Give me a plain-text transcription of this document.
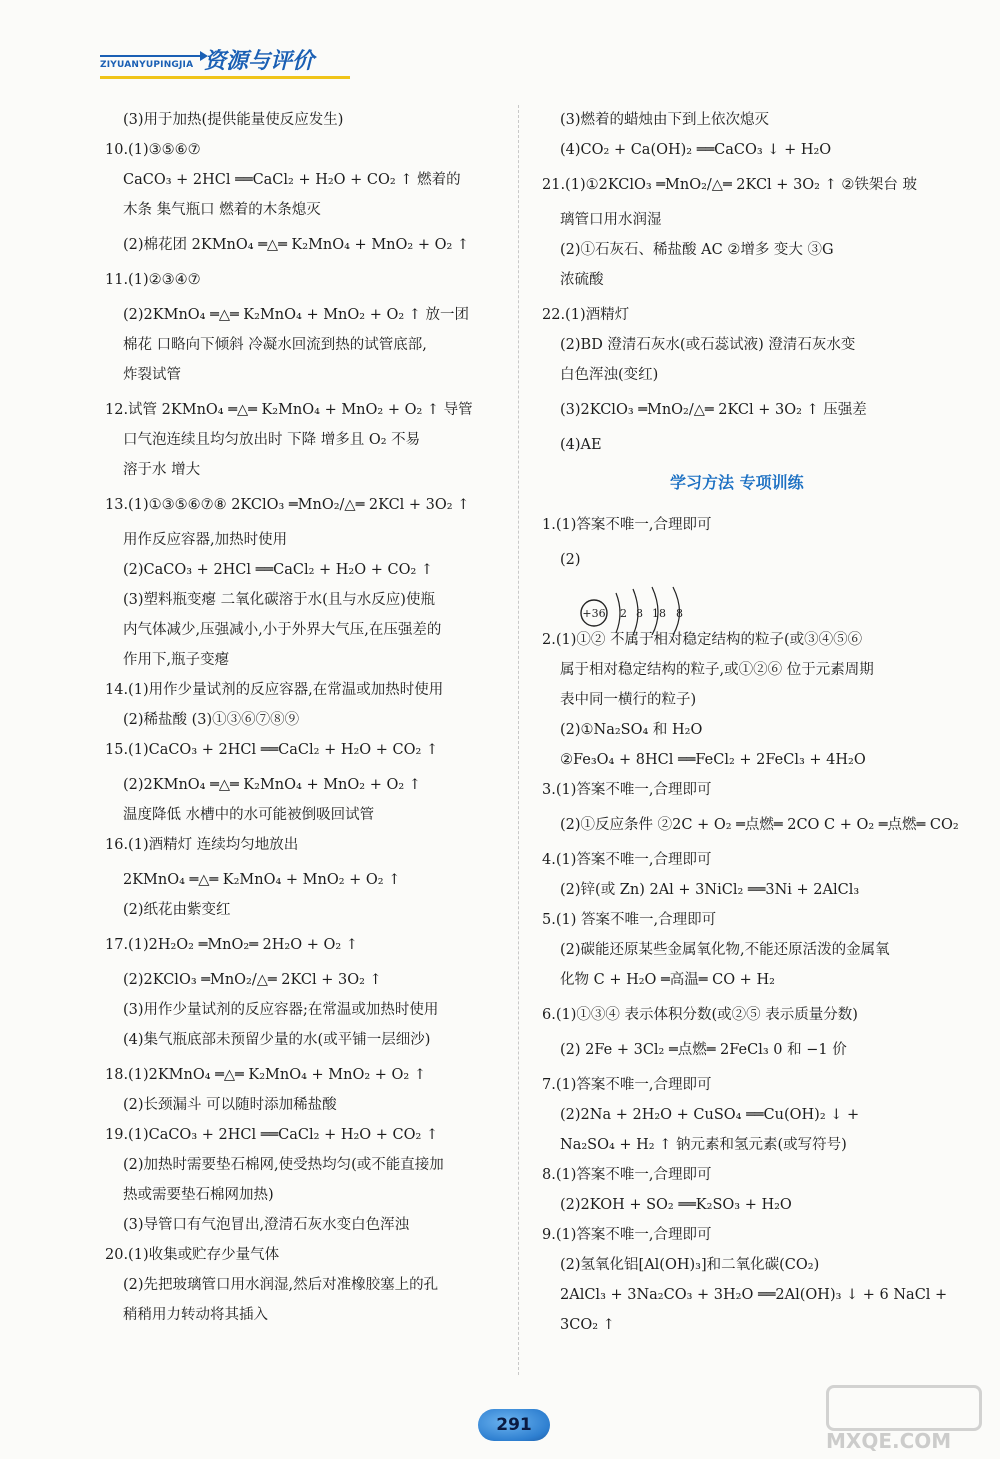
ZIYUANYUPINGJIA 资源与评价
(3)用于加热(提供能量使反应发生)
10.(1)③⑤⑥⑦
CaCO₃ + 2HCl ══CaCl₂ + H₂O + CO₂ ↑ 燃着的
木条 集气瓶口 燃着的木条熄灭
(2)棉花团 2KMnO₄ ═△═ K₂MnO₄ + MnO₂ + O₂ ↑
11.(1)②③④⑦
(2)2KMnO₄ ═△═ K₂MnO₄ + MnO₂ + O₂ ↑ 放一团
棉花 口略向下倾斜 冷凝水回流到热的试管底部,
炸裂试管
12.试管 2KMnO₄ ═△═ K₂MnO₄ + MnO₂ + O₂ ↑ 导管
口气泡连续且均匀放出时 下降 增多且 O₂ 不易
溶于水 增大
13.(1)①③⑤⑥⑦⑧ 2KClO₃ ═MnO₂/△═ 2KCl + 3O₂ ↑
用作反应容器,加热时使用
(2)CaCO₃ + 2HCl ══CaCl₂ + H₂O + CO₂ ↑
(3)塑料瓶变瘪 二氧化碳溶于水(且与水反应)使瓶
内气体减少,压强减小,小于外界大气压,在压强差的
作用下,瓶子变瘪
14.(1)用作少量试剂的反应容器,在常温或加热时使用
(2)稀盐酸 (3)①③⑥⑦⑧⑨
15.(1)CaCO₃ + 2HCl ══CaCl₂ + H₂O + CO₂ ↑
(2)2KMnO₄ ═△═ K₂MnO₄ + MnO₂ + O₂ ↑
温度降低 水槽中的水可能被倒吸回试管
16.(1)酒精灯 连续均匀地放出
2KMnO₄ ═△═ K₂MnO₄ + MnO₂ + O₂ ↑
(2)纸花由紫变红
17.(1)2H₂O₂ ═MnO₂═ 2H₂O + O₂ ↑
(2)2KClO₃ ═MnO₂/△═ 2KCl + 3O₂ ↑
(3)用作少量试剂的反应容器;在常温或加热时使用
(4)集气瓶底部未预留少量的水(或平铺一层细沙)
18.(1)2KMnO₄ ═△═ K₂MnO₄ + MnO₂ + O₂ ↑
(2)长颈漏斗 可以随时添加稀盐酸
19.(1)CaCO₃ + 2HCl ══CaCl₂ + H₂O + CO₂ ↑
(2)加热时需要垫石棉网,使受热均匀(或不能直接加
热或需要垫石棉网加热)
(3)导管口有气泡冒出,澄清石灰水变白色浑浊
20.(1)收集或贮存少量气体
(2)先把玻璃管口用水润湿,然后对准橡胶塞上的孔
稍稍用力转动将其插入
(3)燃着的蜡烛由下到上依次熄灭
(4)CO₂ + Ca(OH)₂ ══CaCO₃ ↓ + H₂O
21.(1)①2KClO₃ ═MnO₂/△═ 2KCl + 3O₂ ↑ ②铁架台 玻
璃管口用水润湿
(2)①石灰石、稀盐酸 AC ②增多 变大 ③G
浓硫酸
22.(1)酒精灯
(2)BD 澄清石灰水(或石蕊试液) 澄清石灰水变
白色浑浊(变红)
(3)2KClO₃ ═MnO₂/△═ 2KCl + 3O₂ ↑ 压强差
(4)AE
学习方法 专项训练
1.(1)答案不唯一,合理即可
(2)
2.(1)①② 不属于相对稳定结构的粒子(或③④⑤⑥
属于相对稳定结构的粒子,或①②⑥ 位于元素周期
表中同一横行的粒子)
(2)①Na₂SO₄ 和 H₂O
②Fe₃O₄ + 8HCl ══FeCl₂ + 2FeCl₃ + 4H₂O
3.(1)答案不唯一,合理即可
(2)①反应条件 ②2C + O₂ ═点燃═ 2CO C + O₂ ═点燃═ CO₂
4.(1)答案不唯一,合理即可
(2)锌(或 Zn) 2Al + 3NiCl₂ ══3Ni + 2AlCl₃
5.(1) 答案不唯一,合理即可
(2)碳能还原某些金属氧化物,不能还原活泼的金属氧
化物 C + H₂O ═高温═ CO + H₂
6.(1)①③④ 表示体积分数(或②⑤ 表示质量分数)
(2) 2Fe + 3Cl₂ ═点燃═ 2FeCl₃ 0 和 −1 价
7.(1)答案不唯一,合理即可
(2)2Na + 2H₂O + CuSO₄ ══Cu(OH)₂ ↓ +
Na₂SO₄ + H₂ ↑ 钠元素和氢元素(或写符号)
8.(1)答案不唯一,合理即可
(2)2KOH + SO₂ ══K₂SO₃ + H₂O
9.(1)答案不唯一,合理即可
(2)氢氧化铝[Al(OH)₃]和二氧化碳(CO₂)
2AlCl₃ + 3Na₂CO₃ + 3H₂O ══2Al(OH)₃ ↓ + 6 NaCl +
3CO₂ ↑
+36 2 8 18 8
291
MXQE.COM
